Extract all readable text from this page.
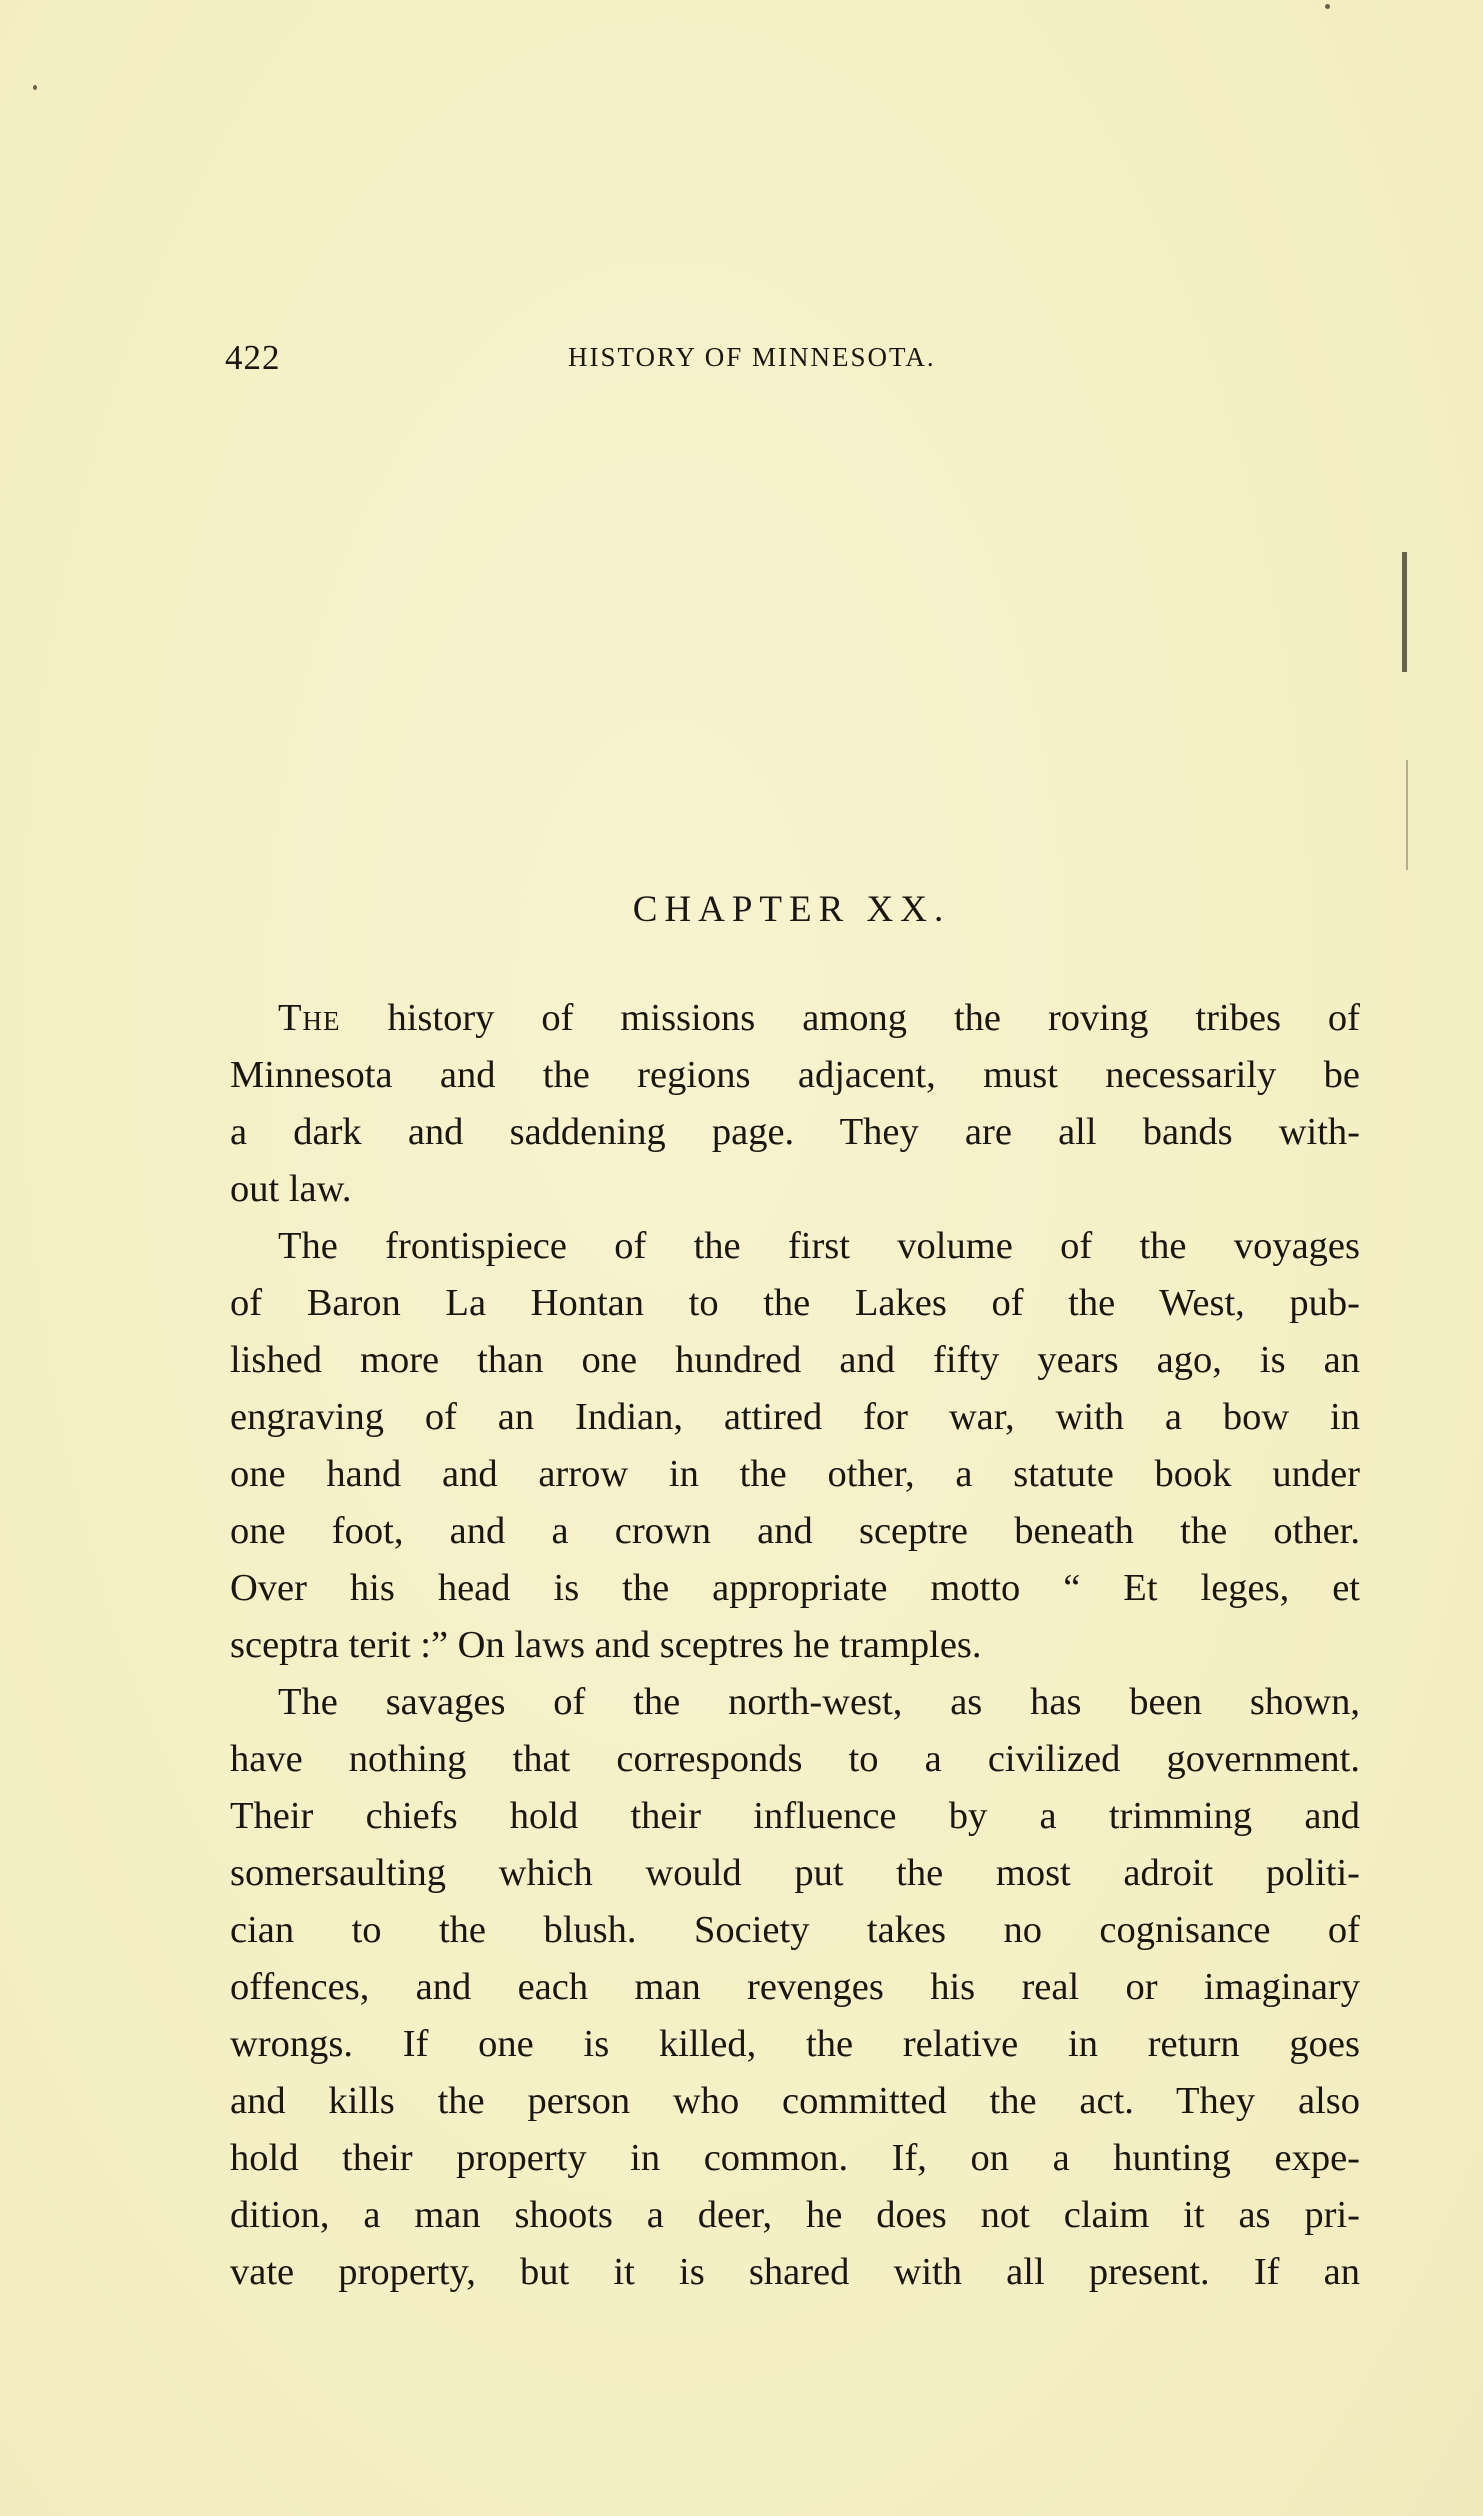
422	HISTORY OF MINNESOTA.
CHAPTER XX.
The history of missions among the roving tribes of
Minnesota and the regions adjacent, must necessarily be
a dark and saddening page. They are all bands with-
out law.
The frontispiece of the first volume of the voyages
of Baron La Hontan to the Lakes of the West, pub-
lished more than one hundred and fifty years ago, is an
engraving of an Indian, attired for war, with a bow in
one hand and arrow in the other, a statute book under
one foot, and a crown and sceptre beneath the other.
Over his head is the appropriate motto “ Et leges, et
sceptra terit :” On laws and sceptres he tramples.
The savages of the north-west, as has been shown,
have nothing that corresponds to a civilized government.
Their chiefs hold their influence by a trimming and
somersaulting which would put the most adroit politi-
cian to the blush. Society takes no cognisance of
offences, and each man revenges his real or imaginary
wrongs. If one is killed, the relative in return goes
and kills the person who committed the act. They also
hold their property in common. If, on a hunting expe-
dition, a man shoots a deer, he does not claim it as pri-
vate property, but it is shared with all present. If an
